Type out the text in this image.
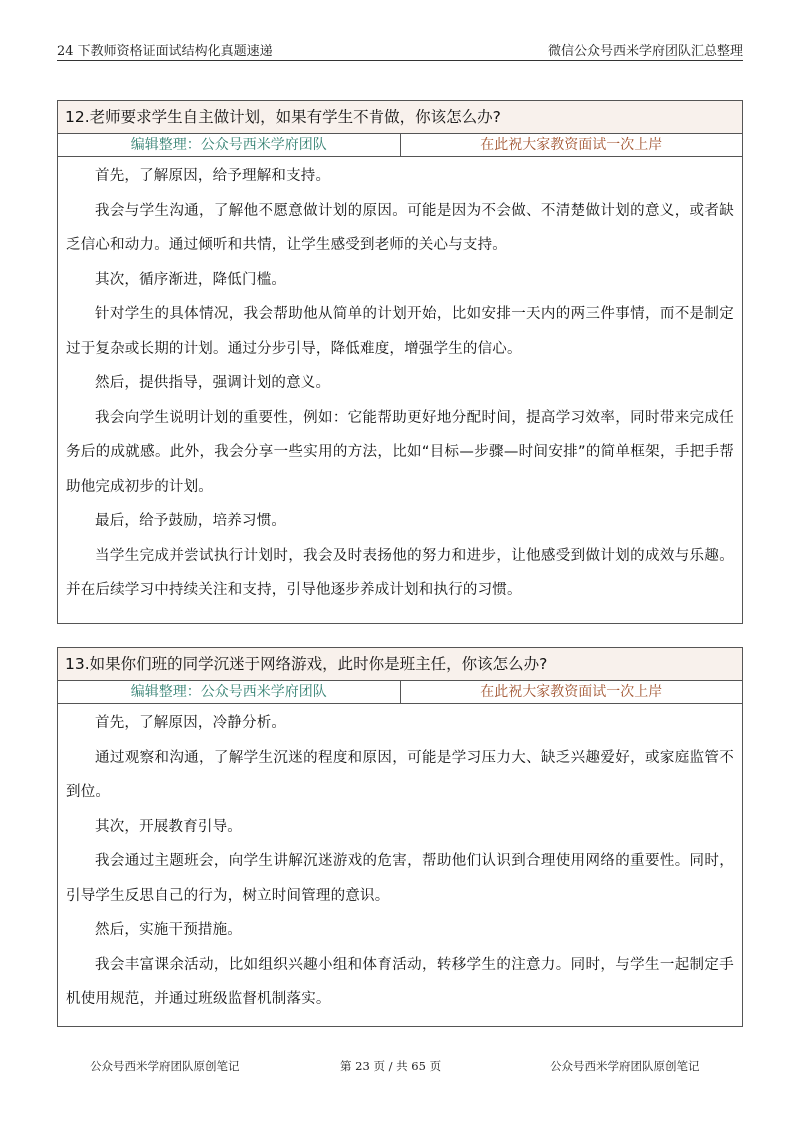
24 下教师资格证面试结构化真题速递	微信公众号西米学府团队汇总整理
12.老师要求学生自主做计划，如果有学生不肯做，你该怎么办?
编辑整理：公众号西米学府团队	在此祝大家教资面试一次上岸

首先，了解原因，给予理解和支持。

我会与学生沟通，了解他不愿意做计划的原因。可能是因为不会做、不清楚做计划的意义，或者缺乏信心和动力。通过倾听和共情，让学生感受到老师的关心与支持。

其次，循序渐进，降低门槛。

针对学生的具体情况，我会帮助他从简单的计划开始，比如安排一天内的两三件事情，而不是制定过于复杂或长期的计划。通过分步引导，降低难度，增强学生的信心。

然后，提供指导，强调计划的意义。

我会向学生说明计划的重要性，例如：它能帮助更好地分配时间，提高学习效率，同时带来完成任务后的成就感。此外，我会分享一些实用的方法，比如“目标—步骤—时间安排”的简单框架，手把手帮助他完成初步的计划。

最后，给予鼓励，培养习惯。

当学生完成并尝试执行计划时，我会及时表扬他的努力和进步，让他感受到做计划的成效与乐趣。并在后续学习中持续关注和支持，引导他逐步养成计划和执行的习惯。

13.如果你们班的同学沉迷于网络游戏，此时你是班主任，你该怎么办?
编辑整理：公众号西米学府团队	在此祝大家教资面试一次上岸

首先，了解原因，冷静分析。

通过观察和沟通，了解学生沉迷的程度和原因，可能是学习压力大、缺乏兴趣爱好，或家庭监管不到位。

其次，开展教育引导。

我会通过主题班会，向学生讲解沉迷游戏的危害，帮助他们认识到合理使用网络的重要性。同时，引导学生反思自己的行为，树立时间管理的意识。

然后，实施干预措施。

我会丰富课余活动，比如组织兴趣小组和体育活动，转移学生的注意力。同时，与学生一起制定手机使用规范，并通过班级监督机制落实。

公众号西米学府团队原创笔记	第 23 页 / 共 65 页	公众号西米学府团队原创笔记
